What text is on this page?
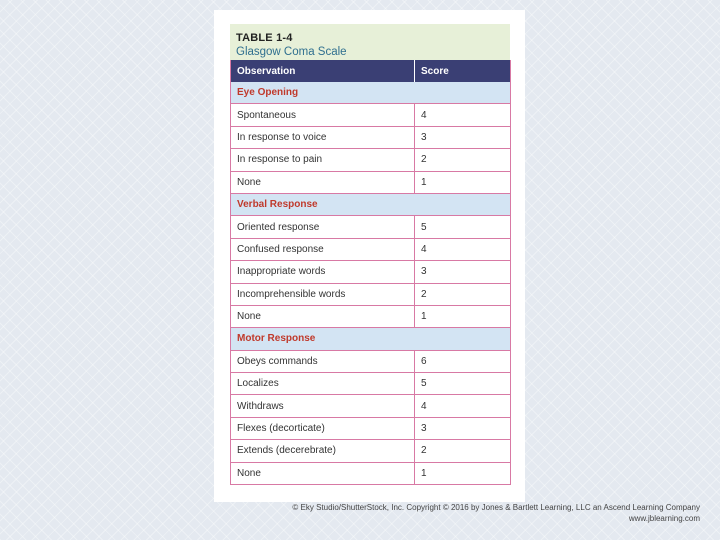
TABLE 1-4
Glasgow Coma Scale
Observation	Score
Eye Opening	
Spontaneous	4
In response to voice	3
In response to pain	2
None	1
Verbal Response	
Oriented response	5
Confused response	4
Inappropriate words	3
Incomprehensible words	2
None	1
Motor Response	
Obeys commands	6
Localizes	5
Withdraws	4
Flexes (decorticate)	3
Extends (decerebrate)	2
None	1
© Eky Studio/ShutterStock, Inc. Copyright © 2016 by Jones & Bartlett Learning, LLC an Ascend Learning Company
www.jblearning.com
